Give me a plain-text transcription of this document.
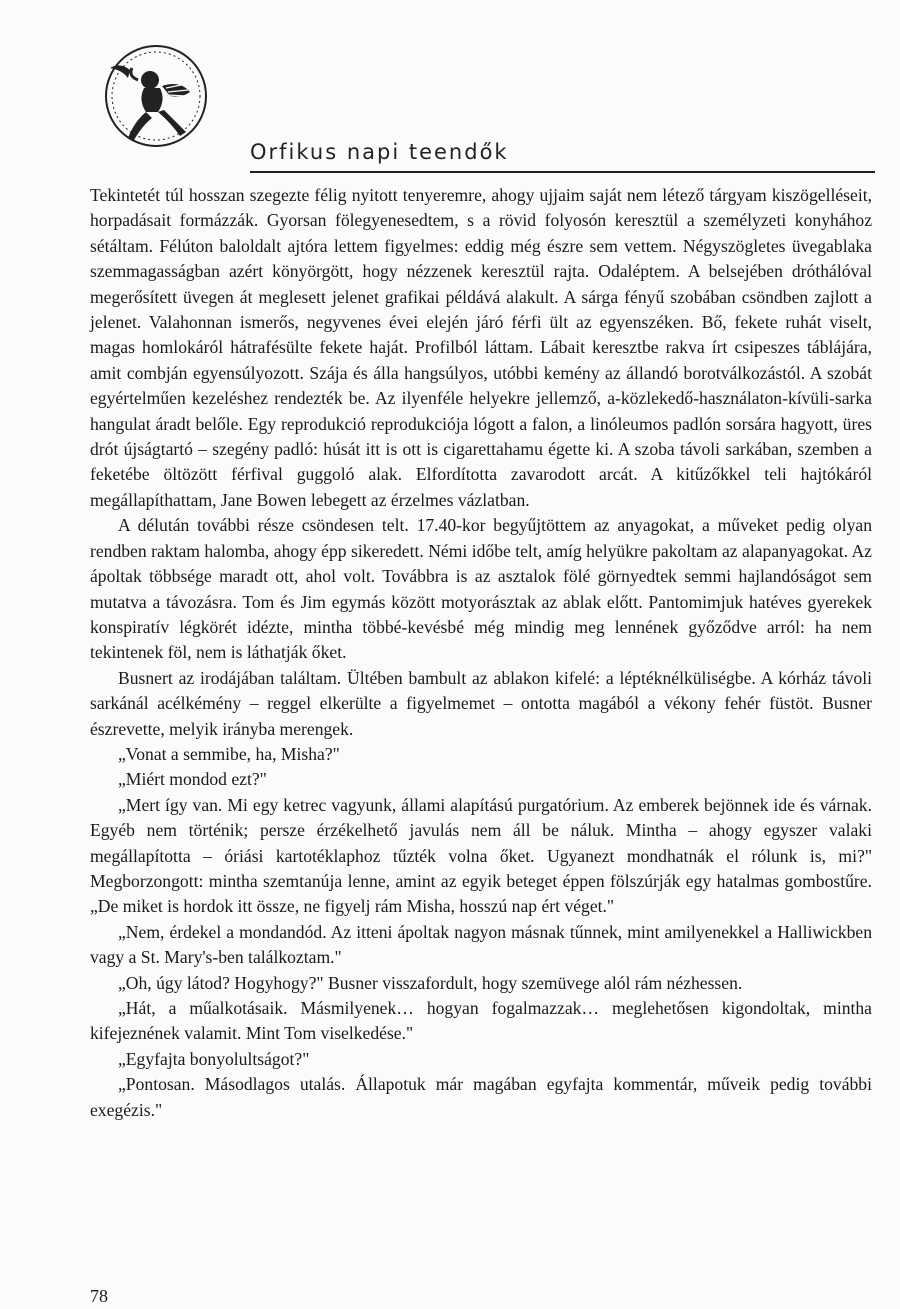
Orfikus napi teendők

Tekintetét túl hosszan szegezte félig nyitott tenyeremre, ahogy ujjaim saját nem létező tárgyam kiszögelléseit, horpadásait formázzák. Gyorsan fölegyenesedtem, s a rövid folyosón keresztül a személyzeti konyhához sétáltam. Félúton baloldalt ajtóra lettem figyelmes: eddig még észre sem vettem. Négyszögletes üvegablaka szemmagasságban azért könyörgött, hogy nézzenek keresztül rajta. Odaléptem. A belsejében dróthálóval megerősített üvegen át meglesett jelenet grafikai példává alakult. A sárga fényű szobában csöndben zajlott a jelenet. Valahonnan ismerős, negyvenes évei elején járó férfi ült az egyenszéken. Bő, fekete ruhát viselt, magas homlokáról hátrafésülte fekete haját. Profilból láttam. Lábait keresztbe rakva írt csipeszes táblájára, amit combján egyensúlyozott. Szája és álla hangsúlyos, utóbbi kemény az állandó borotválkozástól. A szobát egyértelműen kezeléshez rendezték be. Az ilyenféle helyekre jellemző, a-közlekedő-használaton-kívüli-sarka hangulat áradt belőle. Egy reprodukció reprodukciója lógott a falon, a linóleumos padlón sorsára hagyott, üres drót újságtartó – szegény padló: húsát itt is ott is cigarettahamu égette ki. A szoba távoli sarkában, szemben a feketébe öltözött férfival guggoló alak. Elfordította zavarodott arcát. A kitűzőkkel teli hajtókáról megállapíthattam, Jane Bowen lebegett az érzelmes vázlatban.

A délután további része csöndesen telt. 17.40-kor begyűjtöttem az anyagokat, a műveket pedig olyan rendben raktam halomba, ahogy épp sikeredett. Némi időbe telt, amíg helyükre pakoltam az alapanyagokat. Az ápoltak többsége maradt ott, ahol volt. Továbbra is az asztalok fölé görnyedtek semmi hajlandóságot sem mutatva a távozásra. Tom és Jim egymás között motyorásztak az ablak előtt. Pantomimjuk hatéves gyerekek konspiratív légkörét idézte, mintha többé-kevésbé még mindig meg lennének győződve arról: ha nem tekintenek föl, nem is láthatják őket.

Busnert az irodájában találtam. Ültében bambult az ablakon kifelé: a léptéknélküliségbe. A kórház távoli sarkánál acélkémény – reggel elkerülte a figyelmemet – ontotta magából a vékony fehér füstöt. Busner észrevette, melyik irányba merengek.

„Vonat a semmibe, ha, Misha?"

„Miért mondod ezt?"

„Mert így van. Mi egy ketrec vagyunk, állami alapítású purgatórium. Az emberek bejönnek ide és várnak. Egyéb nem történik; persze érzékelhető javulás nem áll be náluk. Mintha – ahogy egyszer valaki megállapította – óriási kartotéklaphoz tűzték volna őket. Ugyanezt mondhatnák el rólunk is, mi?" Megborzongott: mintha szemtanúja lenne, amint az egyik beteget éppen fölszúrják egy hatalmas gombostűre. „De miket is hordok itt össze, ne figyelj rám Misha, hosszú nap ért véget."

„Nem, érdekel a mondandód. Az itteni ápoltak nagyon másnak tűnnek, mint amilyenekkel a Halliwickben vagy a St. Mary's-ben találkoztam."

„Oh, úgy látod? Hogyhogy?" Busner visszafordult, hogy szemüvege alól rám nézhessen.

„Hát, a műalkotásaik. Másmilyenek… hogyan fogalmazzak… meglehetősen kigondoltak, mintha kifejeznének valamit. Mint Tom viselkedése."

„Egyfajta bonyolultságot?"

„Pontosan. Másodlagos utalás. Állapotuk már magában egyfajta kommentár, műveik pedig további exegézis."

78
